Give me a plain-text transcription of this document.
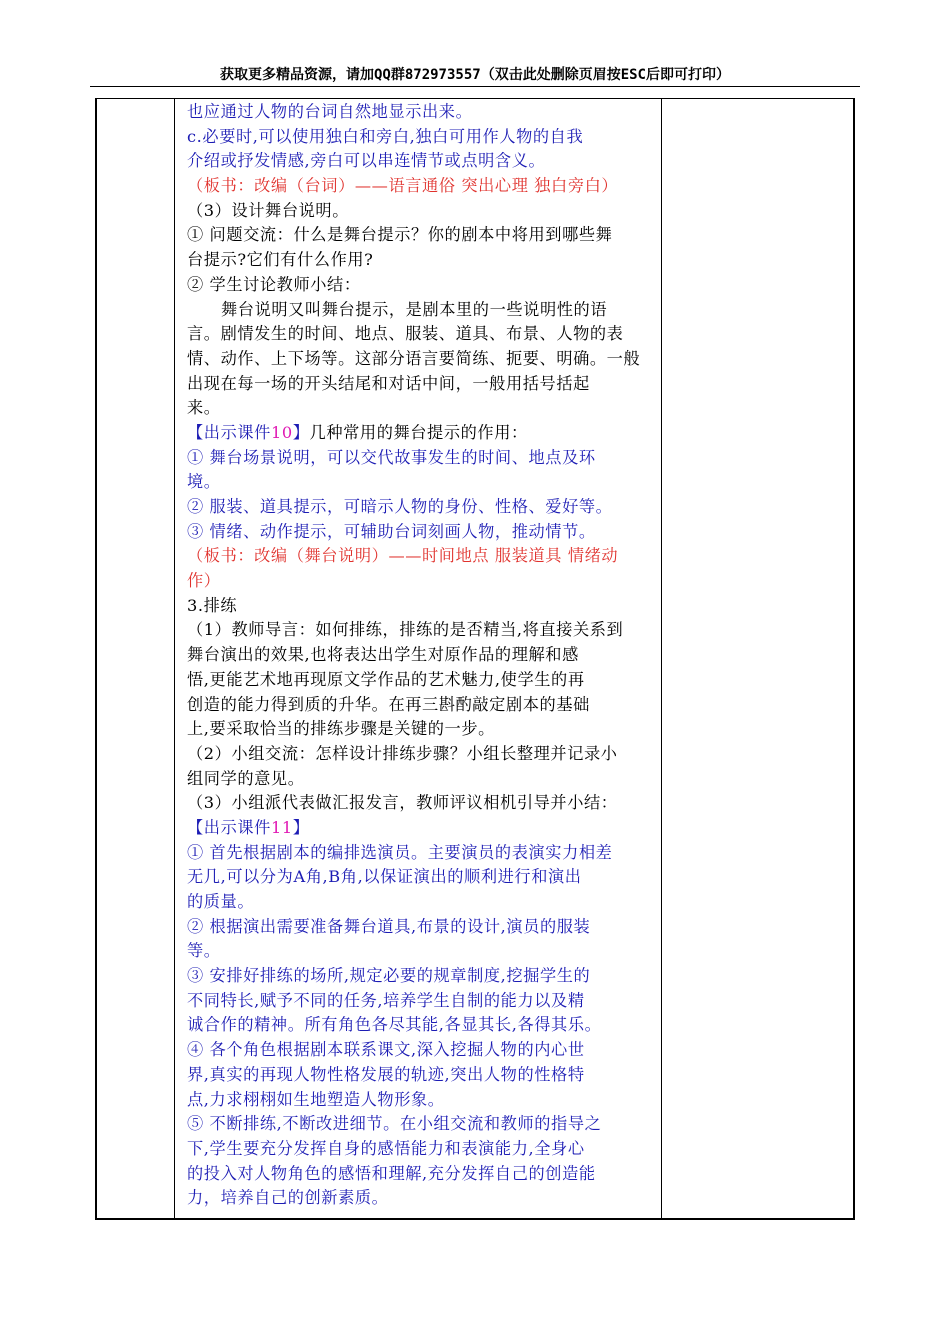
获取更多精品资源，请加QQ群872973557（双击此处删除页眉按ESC后即可打印）
也应通过人物的台词自然地显示出来。
c.必要时,可以使用独白和旁白,独白可用作人物的自我
介绍或抒发情感,旁白可以串连情节或点明含义。
（板书：改编（台词）——语言通俗 突出心理 独白旁白）
（3）设计舞台说明。
① 问题交流：什么是舞台提示？你的剧本中将用到哪些舞
台提示?它们有什么作用?
② 学生讨论教师小结：
舞台说明又叫舞台提示，是剧本里的一些说明性的语
言。剧情发生的时间、地点、服装、道具、布景、人物的表
情、动作、上下场等。这部分语言要简练、扼要、明确。一般
出现在每一场的开头结尾和对话中间，一般用括号括起
来。
【出示课件10】几种常用的舞台提示的作用：
① 舞台场景说明，可以交代故事发生的时间、地点及环
境。
② 服装、道具提示，可暗示人物的身份、性格、爱好等。
③ 情绪、动作提示，可辅助台词刻画人物，推动情节。
（板书：改编（舞台说明）——时间地点 服装道具 情绪动
作）
3.排练
（1）教师导言：如何排练，排练的是否精当,将直接关系到
舞台演出的效果,也将表达出学生对原作品的理解和感
悟,更能艺术地再现原文学作品的艺术魅力,使学生的再
创造的能力得到质的升华。在再三斟酌敲定剧本的基础
上,要采取恰当的排练步骤是关键的一步。
（2）小组交流：怎样设计排练步骤？小组长整理并记录小
组同学的意见。
（3）小组派代表做汇报发言，教师评议相机引导并小结：
【出示课件11】
① 首先根据剧本的编排选演员。主要演员的表演实力相差
无几,可以分为A角,B角,以保证演出的顺利进行和演出
的质量。
② 根据演出需要准备舞台道具,布景的设计,演员的服装
等。
③ 安排好排练的场所,规定必要的规章制度,挖掘学生的
不同特长,赋予不同的任务,培养学生自制的能力以及精
诚合作的精神。所有角色各尽其能,各显其长,各得其乐。
④ 各个角色根据剧本联系课文,深入挖掘人物的内心世
界,真实的再现人物性格发展的轨迹,突出人物的性格特
点,力求栩栩如生地塑造人物形象。
⑤ 不断排练,不断改进细节。在小组交流和教师的指导之
下,学生要充分发挥自身的感悟能力和表演能力,全身心
的投入对人物角色的感悟和理解,充分发挥自己的创造能
力，培养自己的创新素质。
